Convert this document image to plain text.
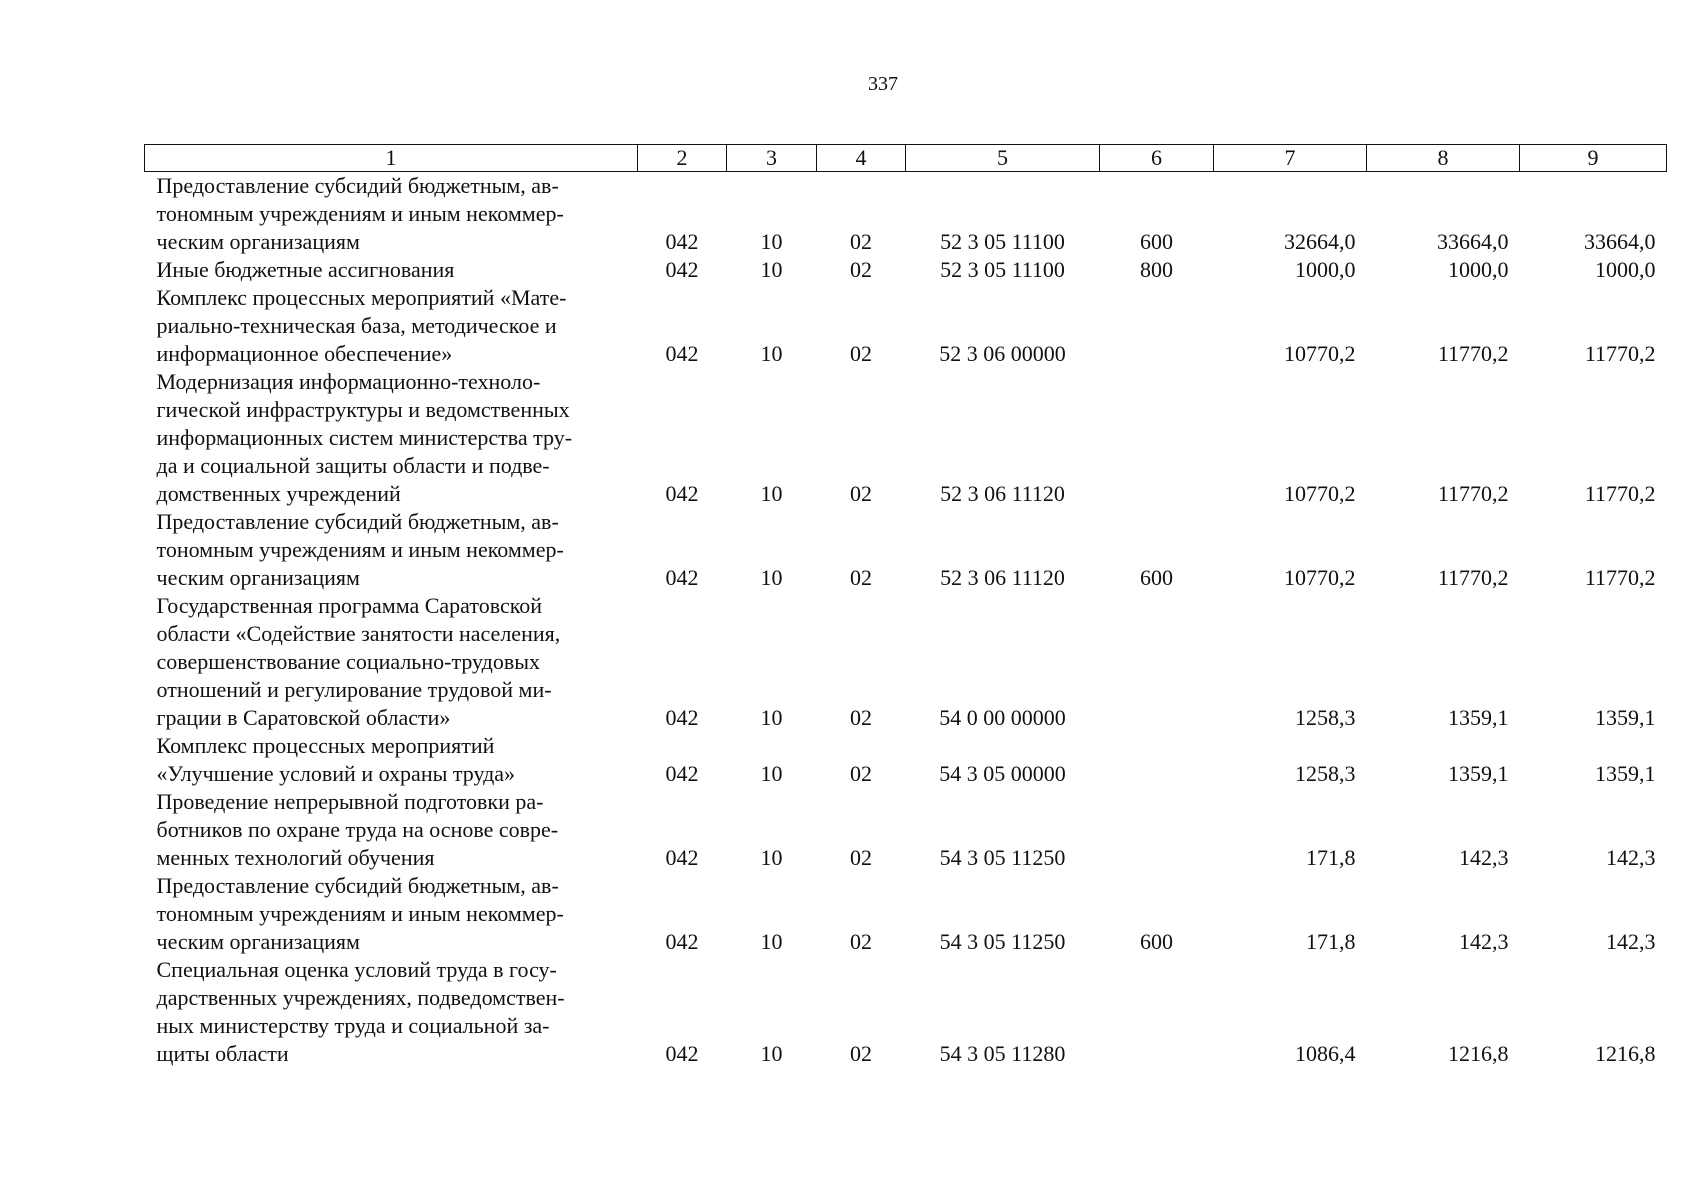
337
1	2	3	4	5	6	7	8	9
Предоставление субсидий бюджетным, ав-
тономным учреждениям и иным некоммер-
ческим организациям	042	10	02	52 3 05 11100	600	32664,0	33664,0	33664,0
Иные бюджетные ассигнования	042	10	02	52 3 05 11100	800	1000,0	1000,0	1000,0
Комплекс процессных мероприятий «Мате-
риально-техническая база, методическое и
информационное обеспечение»	042	10	02	52 3 06 00000		10770,2	11770,2	11770,2
Модернизация информационно-техноло-
гической инфраструктуры и ведомственных
информационных систем министерства тру-
да и социальной защиты области и подве-
домственных учреждений	042	10	02	52 3 06 11120		10770,2	11770,2	11770,2
Предоставление субсидий бюджетным, ав-
тономным учреждениям и иным некоммер-
ческим организациям	042	10	02	52 3 06 11120	600	10770,2	11770,2	11770,2
Государственная программа Саратовской
области «Содействие занятости населения,
совершенствование социально-трудовых
отношений и регулирование трудовой ми-
грации в Саратовской области»	042	10	02	54 0 00 00000		1258,3	1359,1	1359,1
Комплекс процессных мероприятий
«Улучшение условий и охраны труда»	042	10	02	54 3 05 00000		1258,3	1359,1	1359,1
Проведение непрерывной подготовки ра-
ботников по охране труда на основе совре-
менных технологий обучения	042	10	02	54 3 05 11250		171,8	142,3	142,3
Предоставление субсидий бюджетным, ав-
тономным учреждениям и иным некоммер-
ческим организациям	042	10	02	54 3 05 11250	600	171,8	142,3	142,3
Специальная оценка условий труда в госу-
дарственных учреждениях, подведомствен-
ных министерству труда и социальной за-
щиты области	042	10	02	54 3 05 11280		1086,4	1216,8	1216,8
